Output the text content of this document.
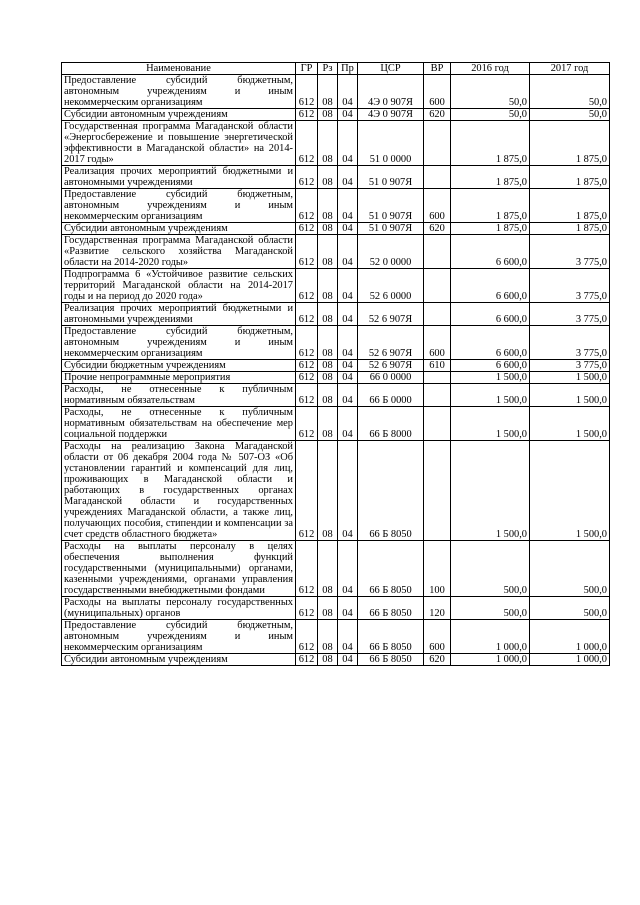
Наименование	ГР	Рз	Пр	ЦСР	ВР	2016 год	2017 год
Предоставление субсидий бюджетным, автономным учреждениям и иным некоммерческим организациям	612	08	04	4Э 0 907Я	600	50,0	50,0
Субсидии автономным учреждениям	612	08	04	4Э 0 907Я	620	50,0	50,0
Государственная программа Магаданской области «Энергосбережение и повышение энергетической эффективности в Магаданской области» на 2014-2017 годы»	612	08	04	51 0 0000		1 875,0	1 875,0
Реализация прочих мероприятий бюджетными и автономными учреждениями	612	08	04	51 0 907Я		1 875,0	1 875,0
Предоставление субсидий бюджетным, автономным учреждениям и иным некоммерческим организациям	612	08	04	51 0 907Я	600	1 875,0	1 875,0
Субсидии автономным учреждениям	612	08	04	51 0 907Я	620	1 875,0	1 875,0
Государственная программа Магаданской области «Развитие сельского хозяйства Магаданской области на 2014-2020 годы»	612	08	04	52 0 0000		6 600,0	3 775,0
Подпрограмма 6 «Устойчивое развитие сельских территорий Магаданской области на 2014-2017 годы и на период до 2020 года»	612	08	04	52 6 0000		6 600,0	3 775,0
Реализация прочих мероприятий бюджетными и автономными учреждениями	612	08	04	52 6 907Я		6 600,0	3 775,0
Предоставление субсидий бюджетным, автономным учреждениям и иным некоммерческим организациям	612	08	04	52 6 907Я	600	6 600,0	3 775,0
Субсидии бюджетным учреждениям	612	08	04	52 6 907Я	610	6 600,0	3 775,0
Прочие непрограммные мероприятия	612	08	04	66 0 0000		1 500,0	1 500,0
Расходы, не отнесенные к публичным нормативным обязательствам	612	08	04	66 Б 0000		1 500,0	1 500,0
Расходы, не отнесенные к публичным нормативным обязательствам на обеспечение мер социальной поддержки	612	08	04	66 Б 8000		1 500,0	1 500,0
Расходы на реализацию Закона Магаданской области от 06 декабря 2004 года № 507-ОЗ «Об установлении гарантий и компенсаций для лиц, проживающих в Магаданской области и работающих в государственных органах Магаданской области и государственных учреждениях Магаданской области, а также лиц, получающих пособия, стипендии и компенсации за счет средств областного бюджета»	612	08	04	66 Б 8050		1 500,0	1 500,0
Расходы на выплаты персоналу в целях обеспечения выполнения функций государственными (муниципальными) органами, казенными учреждениями, органами управления государственными внебюджетными фондами	612	08	04	66 Б 8050	100	500,0	500,0
Расходы на выплаты персоналу государственных (муниципальных) органов	612	08	04	66 Б 8050	120	500,0	500,0
Предоставление субсидий бюджетным, автономным учреждениям и иным некоммерческим организациям	612	08	04	66 Б 8050	600	1 000,0	1 000,0
Субсидии автономным учреждениям	612	08	04	66 Б 8050	620	1 000,0	1 000,0
